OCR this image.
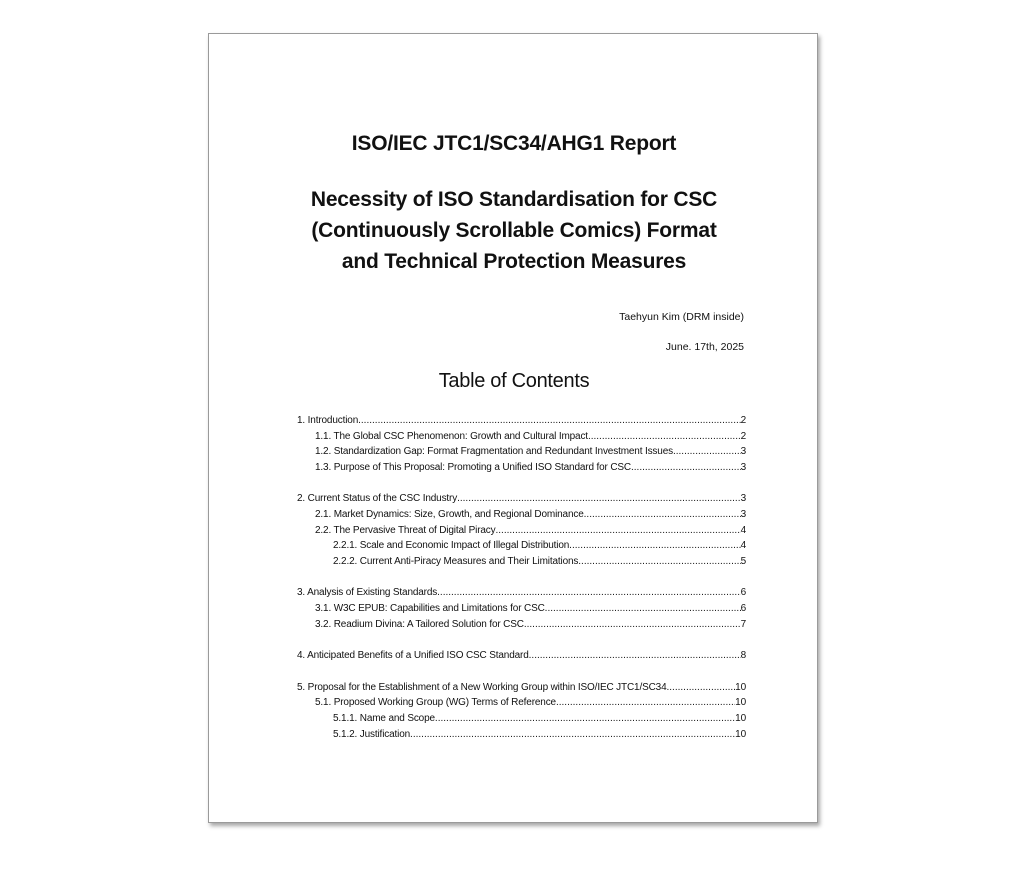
ISO/IEC JTC1/SC34/AHG1 Report
Necessity of ISO Standardisation for CSC
(Continuously Scrollable Comics) Format
and Technical Protection Measures
Taehyun Kim (DRM inside)
June. 17th, 2025
Table of Contents
1. Introduction .....	2
1.1. The Global CSC Phenomenon: Growth and Cultural Impact .....	2
1.2. Standardization Gap: Format Fragmentation and Redundant Investment Issues .....	3
1.3. Purpose of This Proposal: Promoting a Unified ISO Standard for CSC .....	3
2. Current Status of the CSC Industry .....	3
2.1. Market Dynamics: Size, Growth, and Regional Dominance .....	3
2.2. The Pervasive Threat of Digital Piracy .....	4
2.2.1. Scale and Economic Impact of Illegal Distribution .....	4
2.2.2. Current Anti-Piracy Measures and Their Limitations .....	5
3. Analysis of Existing Standards .....	6
3.1. W3C EPUB: Capabilities and Limitations for CSC .....	6
3.2. Readium Divina: A Tailored Solution for CSC .....	7
4. Anticipated Benefits of a Unified ISO CSC Standard .....	8
5. Proposal for the Establishment of a New Working Group within ISO/IEC JTC1/SC34 .....	10
5.1. Proposed Working Group (WG) Terms of Reference .....	10
5.1.1. Name and Scope .....	10
5.1.2. Justification .....	10
